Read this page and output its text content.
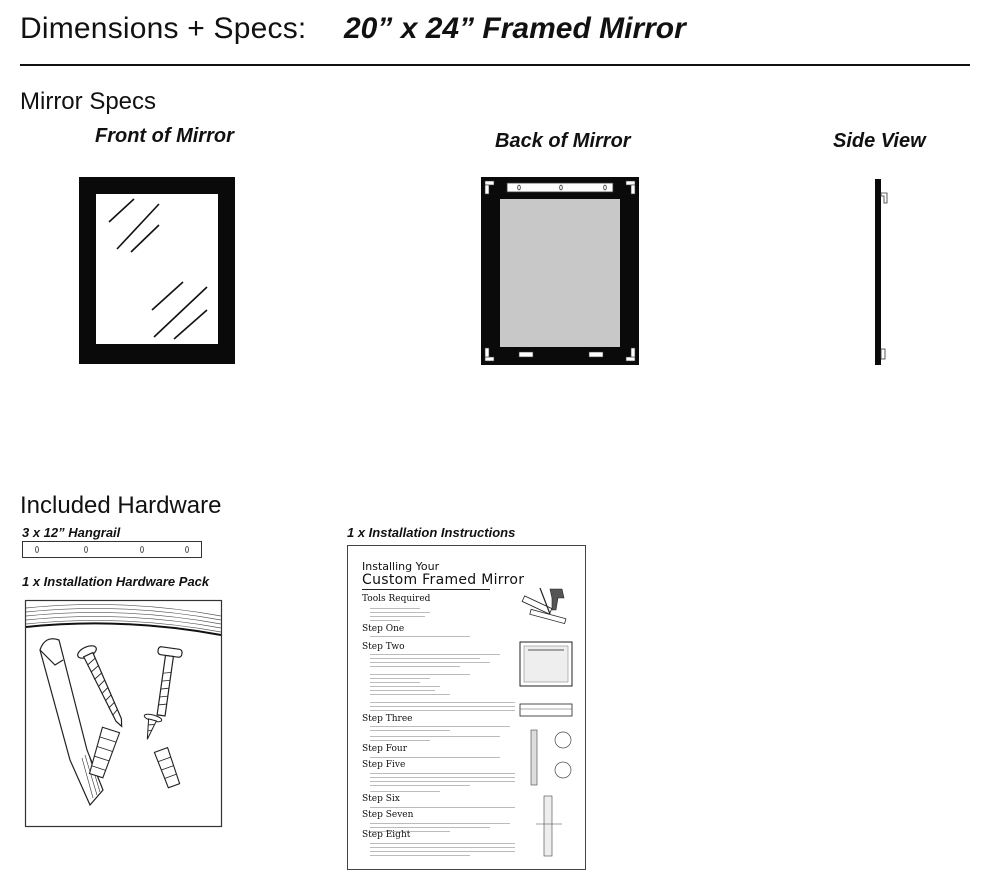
Dimensions + Specs: 20” x 24” Framed Mirror
Mirror Specs
Front of Mirror	Back of Mirror	Side View
Included Hardware
3 x 12” Hangrail
1 x Installation Hardware Pack
1 x Installation Instructions
Installing Your
Custom Framed Mirror
Tools Required
Step One
Step Two
Step Three
Step Four
Step Five
Step Six
Step Seven
Step Eight
